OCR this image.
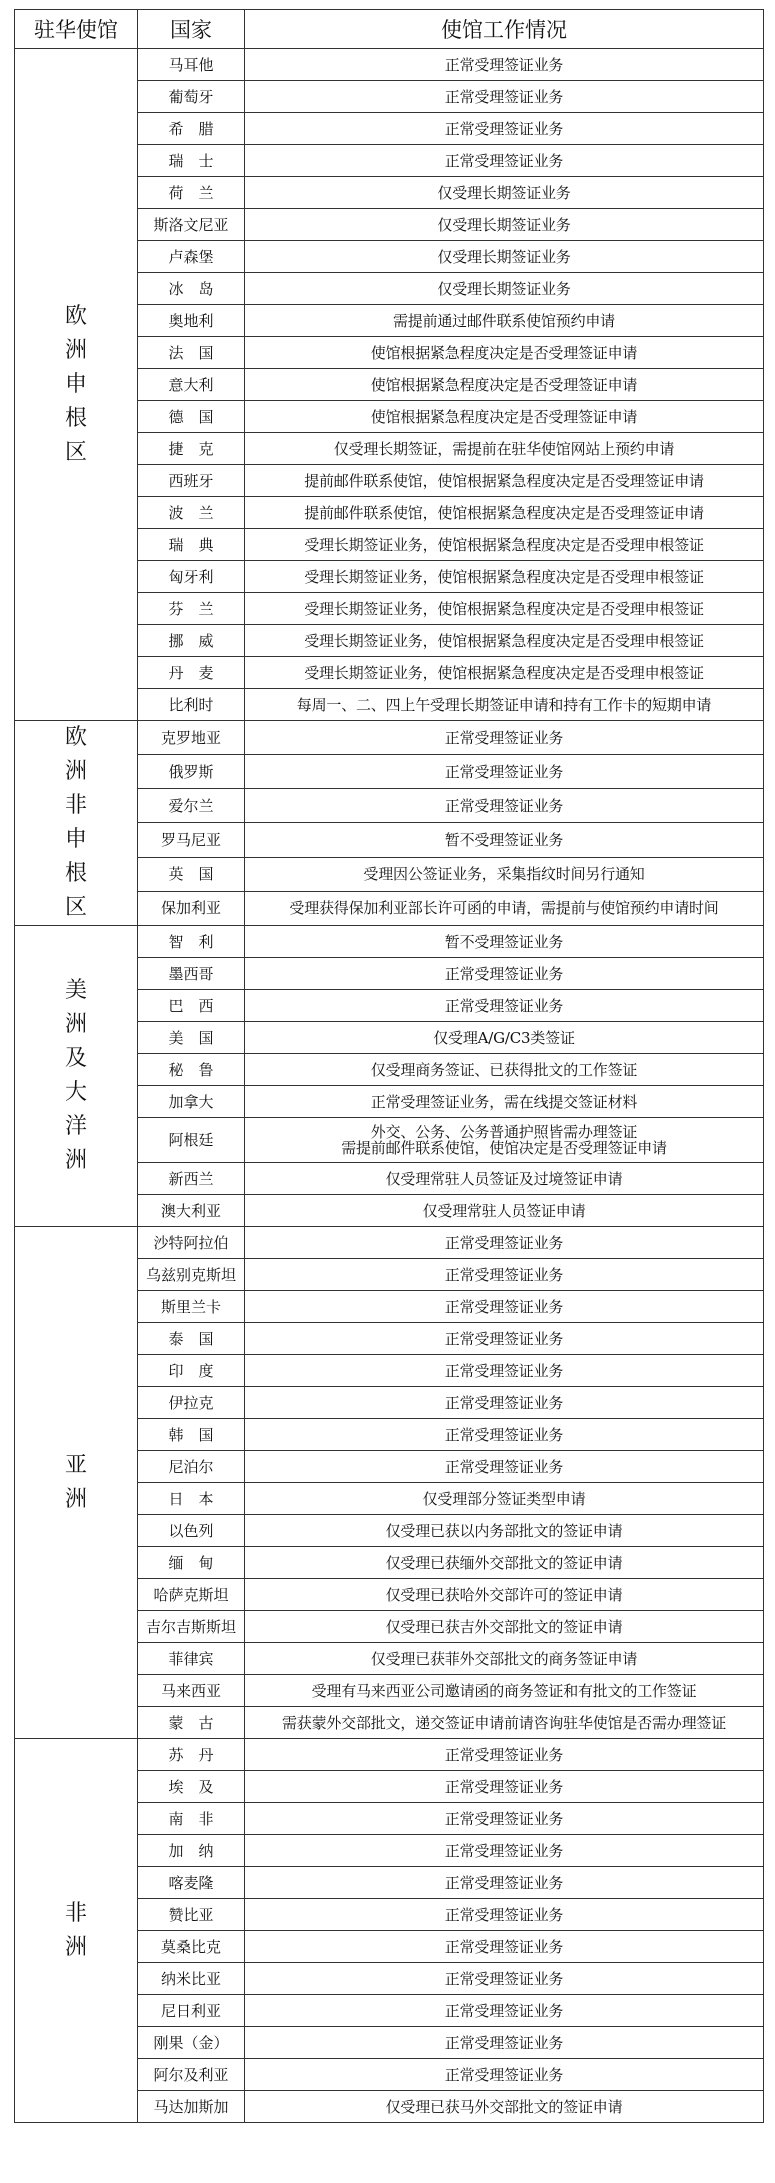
驻华使馆	国家	使馆工作情况
欧洲申根区	马耳他	正常受理签证业务
	葡萄牙	正常受理签证业务
	希　腊	正常受理签证业务
	瑞　士	正常受理签证业务
	荷　兰	仅受理长期签证业务
	斯洛文尼亚	仅受理长期签证业务
	卢森堡	仅受理长期签证业务
	冰　岛	仅受理长期签证业务
	奥地利	需提前通过邮件联系使馆预约申请
	法　国	使馆根据紧急程度决定是否受理签证申请
	意大利	使馆根据紧急程度决定是否受理签证申请
	德　国	使馆根据紧急程度决定是否受理签证申请
	捷　克	仅受理长期签证，需提前在驻华使馆网站上预约申请
	西班牙	提前邮件联系使馆，使馆根据紧急程度决定是否受理签证申请
	波　兰	提前邮件联系使馆，使馆根据紧急程度决定是否受理签证申请
	瑞　典	受理长期签证业务，使馆根据紧急程度决定是否受理申根签证
	匈牙利	受理长期签证业务，使馆根据紧急程度决定是否受理申根签证
	芬　兰	受理长期签证业务，使馆根据紧急程度决定是否受理申根签证
	挪　威	受理长期签证业务，使馆根据紧急程度决定是否受理申根签证
	丹　麦	受理长期签证业务，使馆根据紧急程度决定是否受理申根签证
	比利时	每周一、二、四上午受理长期签证申请和持有工作卡的短期申请
欧洲非申根区	克罗地亚	正常受理签证业务
	俄罗斯	正常受理签证业务
	爱尔兰	正常受理签证业务
	罗马尼亚	暂不受理签证业务
	英　国	受理因公签证业务，采集指纹时间另行通知
	保加利亚	受理获得保加利亚部长许可函的申请，需提前与使馆预约申请时间
美洲及大洋洲	智　利	暂不受理签证业务
	墨西哥	正常受理签证业务
	巴　西	正常受理签证业务
	美　国	仅受理A/G/C3类签证
	秘　鲁	仅受理商务签证、已获得批文的工作签证
	加拿大	正常受理签证业务，需在线提交签证材料
	阿根廷	外交、公务、公务普通护照皆需办理签证
需提前邮件联系使馆，使馆决定是否受理签证申请
	新西兰	仅受理常驻人员签证及过境签证申请
	澳大利亚	仅受理常驻人员签证申请
亚洲	沙特阿拉伯	正常受理签证业务
	乌兹别克斯坦	正常受理签证业务
	斯里兰卡	正常受理签证业务
	泰　国	正常受理签证业务
	印　度	正常受理签证业务
	伊拉克	正常受理签证业务
	韩　国	正常受理签证业务
	尼泊尔	正常受理签证业务
	日　本	仅受理部分签证类型申请
	以色列	仅受理已获以内务部批文的签证申请
	缅　甸	仅受理已获缅外交部批文的签证申请
	哈萨克斯坦	仅受理已获哈外交部许可的签证申请
	吉尔吉斯斯坦	仅受理已获吉外交部批文的签证申请
	菲律宾	仅受理已获菲外交部批文的商务签证申请
	马来西亚	受理有马来西亚公司邀请函的商务签证和有批文的工作签证
	蒙　古	需获蒙外交部批文，递交签证申请前请咨询驻华使馆是否需办理签证
非洲	苏　丹	正常受理签证业务
	埃　及	正常受理签证业务
	南　非	正常受理签证业务
	加　纳	正常受理签证业务
	喀麦隆	正常受理签证业务
	赞比亚	正常受理签证业务
	莫桑比克	正常受理签证业务
	纳米比亚	正常受理签证业务
	尼日利亚	正常受理签证业务
	刚果（金）	正常受理签证业务
	阿尔及利亚	正常受理签证业务
	马达加斯加	仅受理已获马外交部批文的签证申请
